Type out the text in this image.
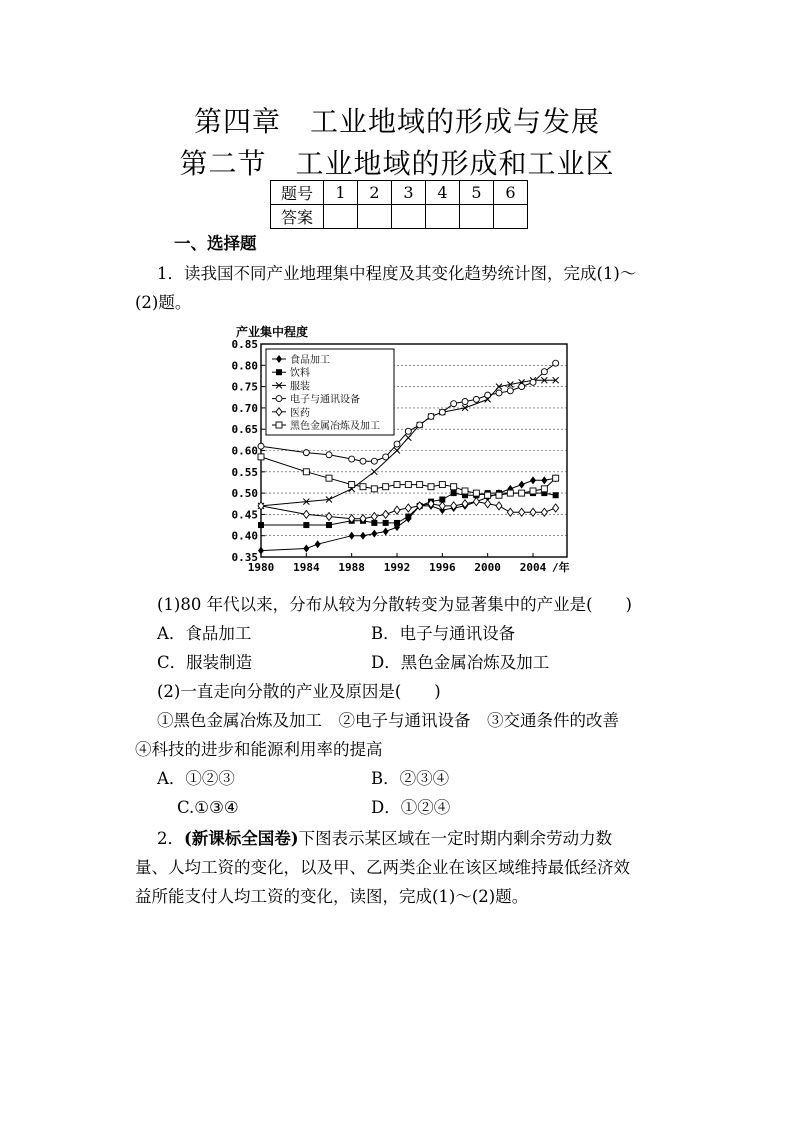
第四章　工业地域的形成与发展
第二节　工业地域的形成和工业区
题号	1	2	3	4	5	6
答案						
一、选择题
1．读我国不同产业地理集中程度及其变化趋势统计图，完成(1)～
(2)题。
产业集中程度
0.35
0.40
0.45
0.50
0.55
0.60
0.65
0.70
0.75
0.80
0.85
1980 1984 1988 1992 1996 2000 2004 /年
食品加工
饮料
服装
电子与通讯设备
医药
黑色金属冶炼及加工
(1)80 年代以来，分布从较为分散转变为显著集中的产业是(　　)
A．食品加工	B．电子与通讯设备
C．服装制造	D．黑色金属冶炼及加工
(2)一直走向分散的产业及原因是(　　)
①黑色金属冶炼及加工　②电子与通讯设备　③交通条件的改善
④科技的进步和能源利用率的提高
A．①②③	B．②③④
C.①③④	D．①②④
2．(新课标全国卷)下图表示某区域在一定时期内剩余劳动力数
量、人均工资的变化，以及甲、乙两类企业在该区域维持最低经济效
益所能支付人均工资的变化，读图，完成(1)～(2)题。
